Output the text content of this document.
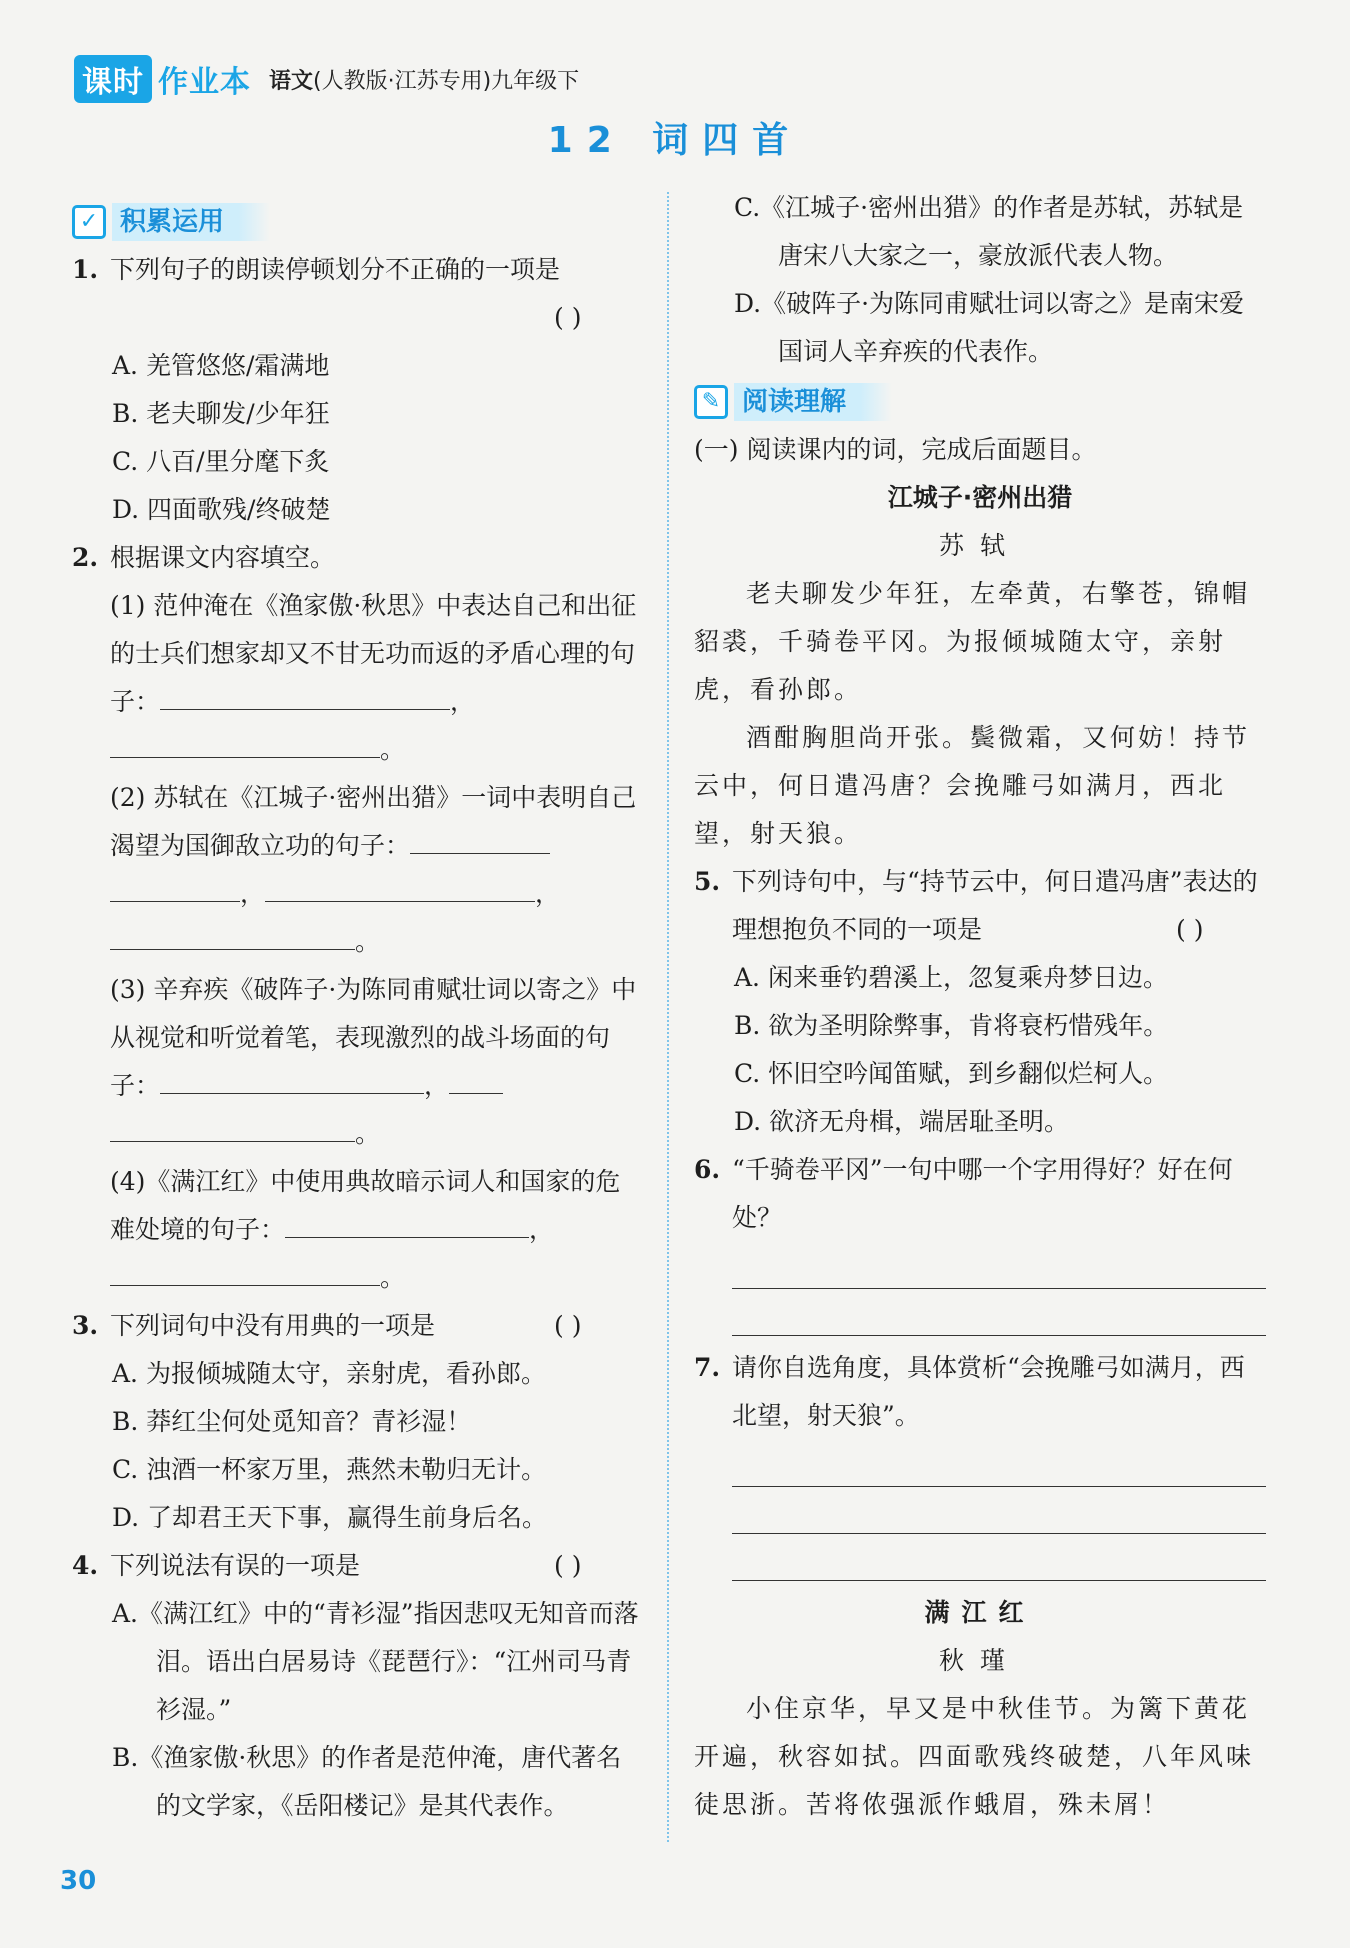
课时 作业本 语文(人教版·江苏专用)九年级下
12 词四首
✓ 积累运用
1. 下列句子的朗读停顿划分不正确的一项是
( )
A. 羌管悠悠/霜满地
B. 老夫聊发/少年狂
C. 八百/里分麾下炙
D. 四面歌残/终破楚
2. 根据课文内容填空。
(1) 范仲淹在《渔家傲·秋思》中表达自己和出征的士兵们想家却又不甘无功而返的矛盾心理的句子：	，
。
(2) 苏轼在《江城子·密州出猎》一词中表明自己渴望为国御敌立功的句子：
，	，
。
(3) 辛弃疾《破阵子·为陈同甫赋壮词以寄之》中从视觉和听觉着笔，表现激烈的战斗场面的句子：	，
。
(4)《满江红》中使用典故暗示词人和国家的危难处境的句子：	，
。
3. 下列词句中没有用典的一项是	( )
A. 为报倾城随太守，亲射虎，看孙郎。
B. 莽红尘何处觅知音？青衫湿！
C. 浊酒一杯家万里，燕然未勒归无计。
D. 了却君王天下事，赢得生前身后名。
4. 下列说法有误的一项是	( )
A.《满江红》中的“青衫湿”指因悲叹无知音而落泪。语出白居易诗《琵琶行》：“江州司马青衫湿。”
B.《渔家傲·秋思》的作者是范仲淹，唐代著名的文学家，《岳阳楼记》是其代表作。
C.《江城子·密州出猎》的作者是苏轼，苏轼是唐宋八大家之一，豪放派代表人物。
D.《破阵子·为陈同甫赋壮词以寄之》是南宋爱国词人辛弃疾的代表作。
✎ 阅读理解
(一) 阅读课内的词，完成后面题目。
江城子·密州出猎
苏轼
老夫聊发少年狂，左牵黄，右擎苍，锦帽貂裘，千骑卷平冈。为报倾城随太守，亲射虎，看孙郎。
酒酣胸胆尚开张。鬓微霜，又何妨！持节云中，何日遣冯唐？会挽雕弓如满月，西北望，射天狼。
5. 下列诗句中，与“持节云中，何日遣冯唐”表达的理想抱负不同的一项是	( )
A. 闲来垂钓碧溪上，忽复乘舟梦日边。
B. 欲为圣明除弊事，肯将衰朽惜残年。
C. 怀旧空吟闻笛赋，到乡翻似烂柯人。
D. 欲济无舟楫，端居耻圣明。
6. “千骑卷平冈”一句中哪一个字用得好？好在何处？
7. 请你自选角度，具体赏析“会挽雕弓如满月，西北望，射天狼”。
满江红
秋瑾
小住京华，早又是中秋佳节。为篱下黄花开遍，秋容如拭。四面歌残终破楚，八年风味徒思浙。苦将侬强派作蛾眉，殊未屑！
30
